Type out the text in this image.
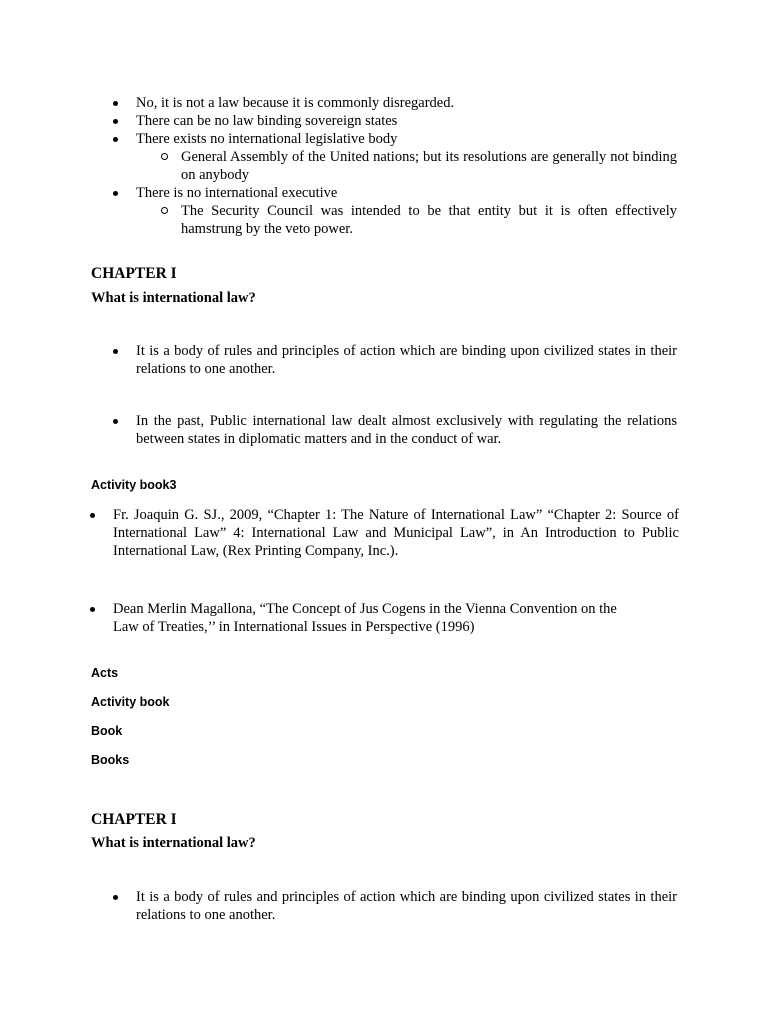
No, it is not a law because it is commonly disregarded.
There can be no law binding sovereign states
There exists no international legislative body
General Assembly of the United nations; but its resolutions are generally not binding on anybody
There is no international executive
The Security Council was intended to be that entity but it is often effectively hamstrung by the veto power.
CHAPTER I
What is international law?
It is a body of rules and principles of action which are binding upon civilized states in their relations to one another.
In the past, Public international law dealt almost exclusively with regulating the relations between states in diplomatic matters and in the conduct of war.
Activity book3
Fr. Joaquin G. SJ., 2009, “Chapter 1: The Nature of International Law” “Chapter 2: Source of International Law” 4: International Law and Municipal Law”, in An Introduction to Public International Law, (Rex Printing Company, Inc.).
Dean Merlin Magallona, “The Concept of Jus Cogens in the Vienna Convention on the
Law of Treaties,’’ in International Issues in Perspective (1996)
Acts
Activity book
Book
Books
CHAPTER I
What is international law?
It is a body of rules and principles of action which are binding upon civilized states in their relations to one another.
